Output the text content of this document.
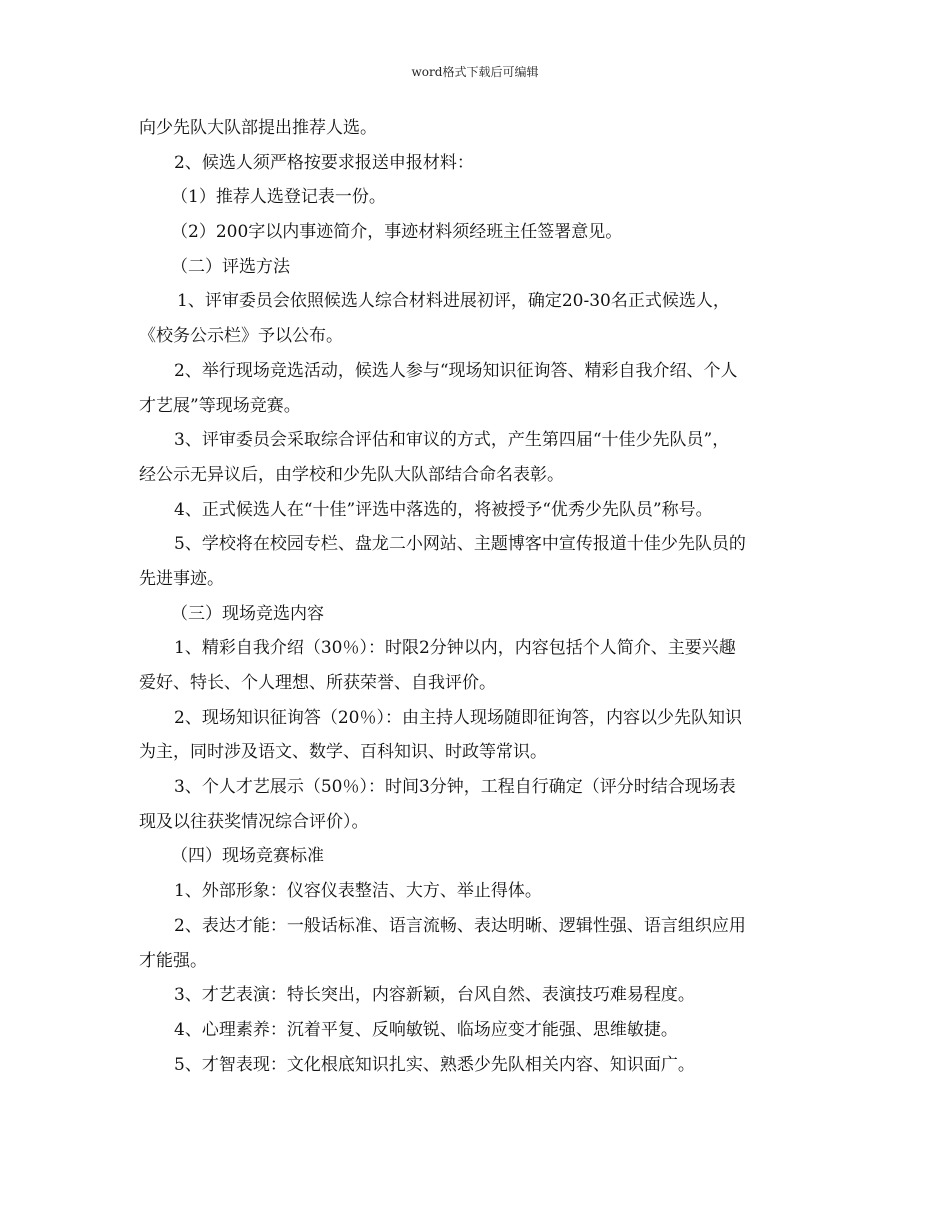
word格式下载后可编辑
向少先队大队部提出推荐人选。
2、候选人须严格按要求报送申报材料：
（1）推荐人选登记表一份。
（2）200字以内事迹简介，事迹材料须经班主任签署意见。
（二）评选方法
1、评审委员会依照候选人综合材料进展初评，确定20-30名正式候选人，
《校务公示栏》予以公布。
2、举行现场竞选活动，候选人参与“现场知识征询答、精彩自我介绍、个人
才艺展”等现场竞赛。
3、评审委员会采取综合评估和审议的方式，产生第四届“十佳少先队员”，
经公示无异议后，由学校和少先队大队部结合命名表彰。
4、正式候选人在“十佳”评选中落选的，将被授予“优秀少先队员”称号。
5、学校将在校园专栏、盘龙二小网站、主题博客中宣传报道十佳少先队员的
先进事迹。
（三）现场竞选内容
1、精彩自我介绍（30％）：时限2分钟以内，内容包括个人简介、主要兴趣
爱好、特长、个人理想、所获荣誉、自我评价。
2、现场知识征询答（20％）：由主持人现场随即征询答，内容以少先队知识
为主，同时涉及语文、数学、百科知识、时政等常识。
3、个人才艺展示（50％）：时间3分钟，工程自行确定（评分时结合现场表
现及以往获奖情况综合评价）。
（四）现场竞赛标准
1、外部形象：仪容仪表整洁、大方、举止得体。
2、表达才能：一般话标准、语言流畅、表达明晰、逻辑性强、语言组织应用
才能强。
3、才艺表演：特长突出，内容新颖，台风自然、表演技巧难易程度。
4、心理素养：沉着平复、反响敏锐、临场应变才能强、思维敏捷。
5、才智表现：文化根底知识扎实、熟悉少先队相关内容、知识面广。
